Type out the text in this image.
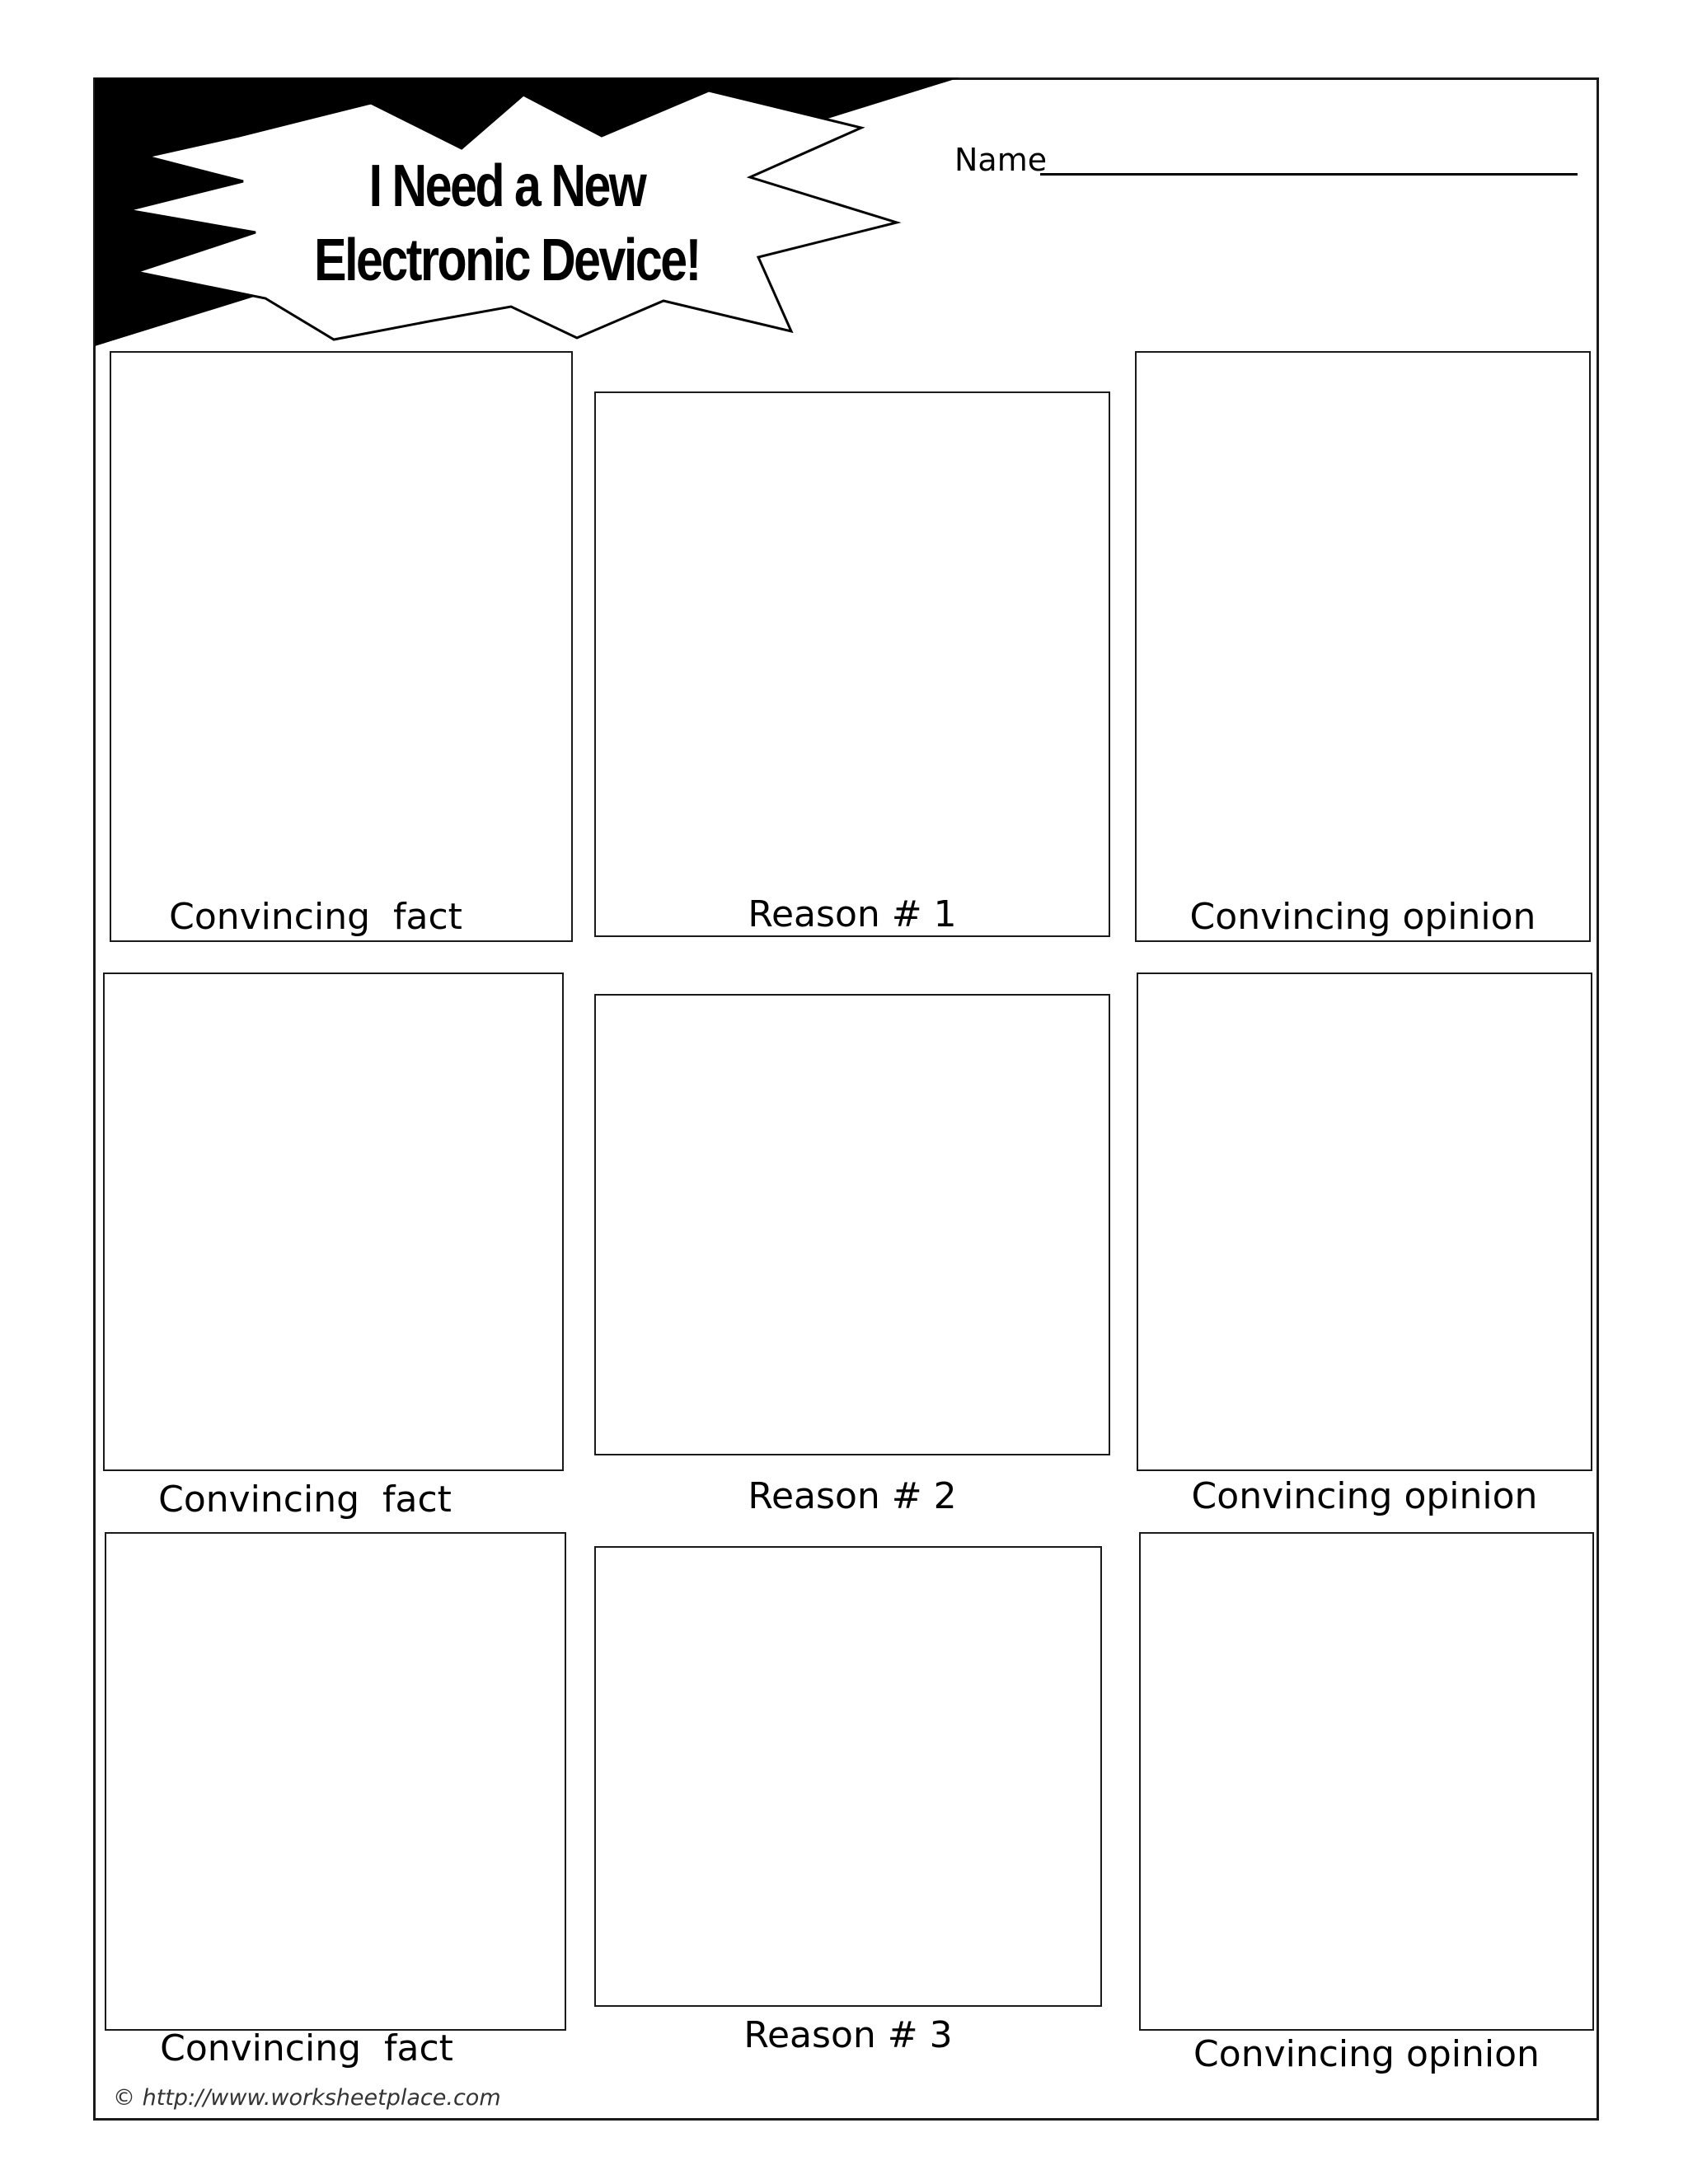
I Need a New
Electronic Device!
Name
Convincing  fact	Reason # 1	Convincing opinion
Convincing  fact	Reason # 2	Convincing opinion
Convincing  fact	Reason # 3	Convincing opinion
© http://www.worksheetplace.com
